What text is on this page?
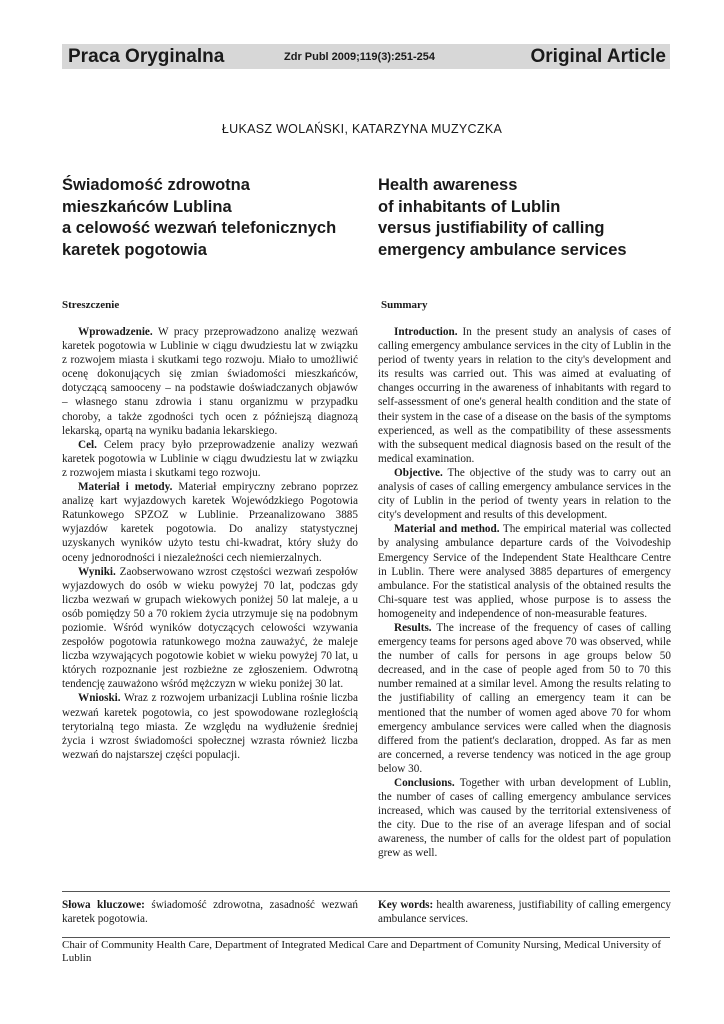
Praca Oryginalna	Zdr Publ 2009;119(3):251-254	Original Article
ŁUKASZ WOLAŃSKI, KATARZYNA MUZYCZKA
Świadomość zdrowotna
mieszkańców Lublina
a celowość wezwań telefonicznych
karetek pogotowia
Health awareness
of inhabitants of Lublin
versus justifiability of calling
emergency ambulance services
Streszczenie	Summary

Wprowadzenie. W pracy przeprowadzono analizę wezwań karetek pogotowia w Lublinie w ciągu dwudziestu lat w związku z rozwojem miasta i skutkami tego rozwoju. Miało to umożliwić ocenę dokonujących się zmian świadomości mieszkańców, dotyczącą samooceny – na podstawie doświadczanych objawów – własnego stanu zdrowia i stanu organizmu w przypadku choroby, a także zgodności tych ocen z późniejszą diagnozą lekarską, opartą na wyniku badania lekarskiego.

Cel. Celem pracy było przeprowadzenie analizy wezwań karetek pogotowia w Lublinie w ciągu dwudziestu lat w związku z rozwojem miasta i skutkami tego rozwoju.

Materiał i metody. Materiał empiryczny zebrano poprzez analizę kart wyjazdowych karetek Wojewódzkiego Pogotowia Ratunkowego SPZOZ w Lublinie. Przeanalizowano 3885 wyjazdów karetek pogotowia. Do analizy statystycznej uzyskanych wyników użyto testu chi-kwadrat, który służy do oceny jednorodności i niezależności cech niemierzalnych.

Wyniki. Zaobserwowano wzrost częstości wezwań zespołów wyjazdowych do osób w wieku powyżej 70 lat, podczas gdy liczba wezwań w grupach wiekowych poniżej 50 lat maleje, a u osób pomiędzy 50 a 70 rokiem życia utrzymuje się na podobnym poziomie. Wśród wyników dotyczących celowości wzywania zespołów pogotowia ratunkowego można zauważyć, że maleje liczba wzywających pogotowie kobiet w wieku powyżej 70 lat, u których rozpoznanie jest rozbieżne ze zgłoszeniem. Odwrotną tendencję zauważono wśród mężczyzn w wieku poniżej 30 lat.

Wnioski. Wraz z rozwojem urbanizacji Lublina rośnie liczba wezwań karetek pogotowia, co jest spowodowane rozległością terytorialną tego miasta. Ze względu na wydłużenie średniej życia i wzrost świadomości społecznej wzrasta również liczba wezwań do najstarszej części populacji.

Introduction. In the present study an analysis of cases of calling emergency ambulance services in the city of Lublin in the period of twenty years in relation to the city's development and its results was carried out. This was aimed at evaluating of changes occurring in the awareness of inhabitants with regard to self-assessment of one's general health condition and the state of their system in the case of a disease on the basis of the symptoms experienced, as well as the compatibility of these assessments with the subsequent medical diagnosis based on the result of the medical examination.

Objective. The objective of the study was to carry out an analysis of cases of calling emergency ambulance services in the city of Lublin in the period of twenty years in relation to the city's development and results of this development.

Material and method. The empirical material was collected by analysing ambulance departure cards of the Voivodeship Emergency Service of the Independent State Healthcare Centre in Lublin. There were analysed 3885 departures of emergency ambulance. For the statistical analysis of the obtained results the Chi-square test was applied, whose purpose is to assess the homogeneity and independence of non-measurable features.

Results. The increase of the frequency of cases of calling emergency teams for persons aged above 70 was observed, while the number of calls for persons in age groups below 50 decreased, and in the case of people aged from 50 to 70 this number remained at a similar level. Among the results relating to the justifiability of calling an emergency team it can be mentioned that the number of women aged above 70 for whom emergency ambulance services were called when the diagnosis differed from the patient's declaration, dropped. As far as men are concerned, a reverse tendency was noticed in the age group below 30.

Conclusions. Together with urban development of Lublin, the number of cases of calling emergency ambulance services increased, which was caused by the territorial extensiveness of the city. Due to the rise of an average lifespan and of social awareness, the number of calls for the oldest part of population grew as well.

Słowa kluczowe: świadomość zdrowotna, zasadność wezwań karetek pogotowia.
Key words: health awareness, justifiability of calling emergency ambulance services.
Chair of Community Health Care, Department of Integrated Medical Care and Department of Comunity Nursing, Medical University of Lublin
